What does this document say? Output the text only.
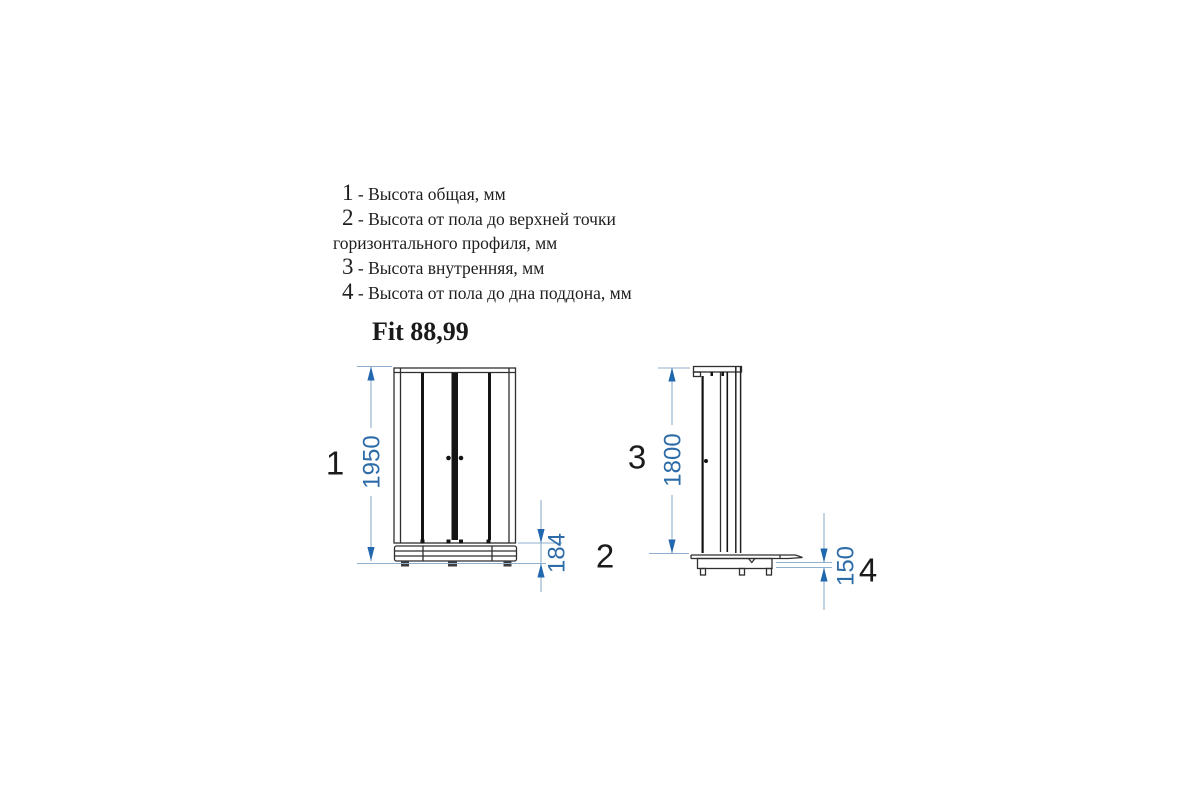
1 - Высота общая, мм
2 - Высота от пола до верхней точки горизонтального профиля, мм
3 - Высота внутренняя, мм
4 - Высота от пола до дна поддона, мм
Fit 88,99
1950
1
184 2
1800
3
150 4
